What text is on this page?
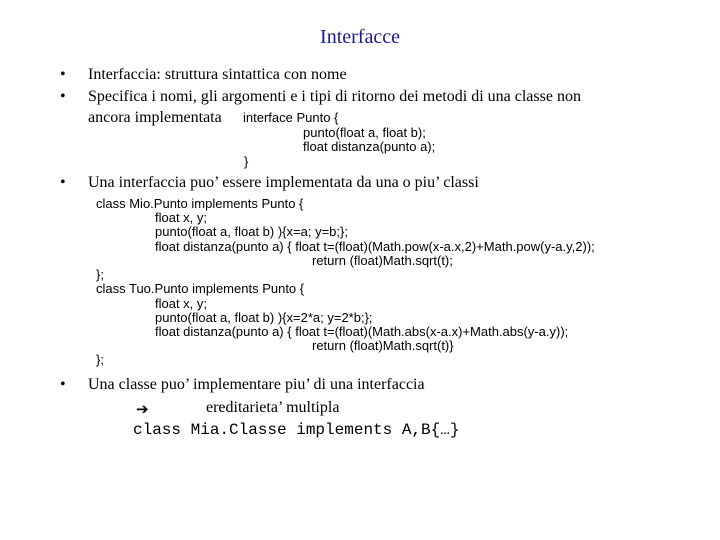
Interfacce
• Interfaccia: struttura sintattica con nome
• Specifica i nomi, gli argomenti e i tipi di ritorno dei metodi di una classe non
ancora implementata interface Punto {
punto(float a, float b);
float distanza(punto a);
}
• Una interfaccia puo’ essere implementata da una o piu’ classi
class Mio.Punto implements Punto {
float x, y;
punto(float a, float b) ){x=a; y=b;};
float distanza(punto a) { float t=(float)(Math.pow(x-a.x,2)+Math.pow(y-a.y,2));
return (float)Math.sqrt(t);
};
class Tuo.Punto implements Punto {
float x, y;
punto(float a, float b) ){x=2*a; y=2*b;};
float distanza(punto a) { float t=(float)(Math.abs(x-a.x)+Math.abs(y-a.y));
return (float)Math.sqrt(t)}
};
• Una classe puo’ implementare piu’ di una interfaccia
➔	ereditarieta’ multipla
class Mia.Classe implements A,B{…}
